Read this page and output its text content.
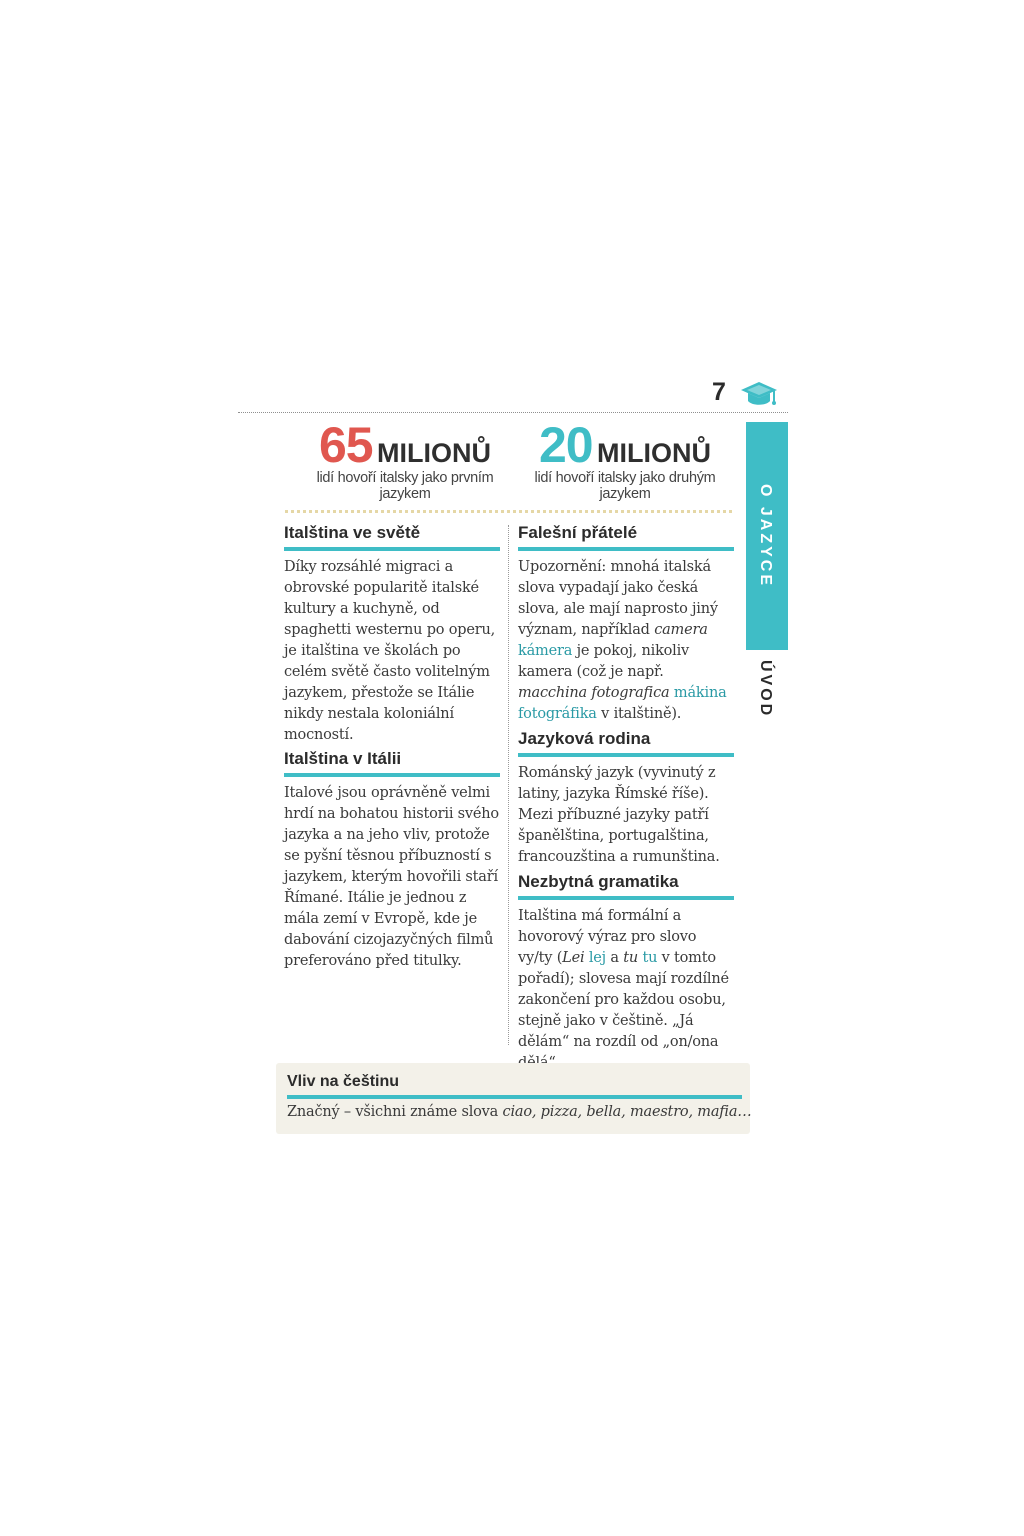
7
65 MILIONŮ
lidí hovoří italsky jako prvním jazykem
20 MILIONŮ
lidí hovoří italsky jako druhým jazykem
Italština ve světě

Díky rozsáhlé migraci a obrovské popularitě italské kultury a kuchyně, od spaghetti westernu po operu, je italština ve školách po celém světě často volitelným jazykem, přestože se Itálie nikdy nestala koloniální mocností.

Italština v Itálii

Italové jsou oprávněně velmi hrdí na bohatou historii svého jazyka a na jeho vliv, protože se pyšní těsnou příbuzností s jazykem, kterým hovořili staří Římané. Itálie je jednou z mála zemí v Evropě, kde je dabování cizojazyčných filmů preferováno před titulky.

Falešní přátelé

Upozornění: mnohá italská slova vypadají jako česká slova, ale mají naprosto jiný význam, například camera kámera je pokoj, nikoliv kamera (což je např. macchina fotografica mákina fotográfika v italštině).

Jazyková rodina

Románský jazyk (vyvinutý z latiny, jazyka Římské říše). Mezi příbuzné jazyky patří španělština, portugalština, francouzština a rumunština.

Nezbytná gramatika

Italština má formální a hovorový výraz pro slovo vy/ty (Lei lej a tu tu v tomto pořadí); slovesa mají rozdílné zakončení pro každou osobu, stejně jako v češtině. „Já dělám“ na rozdíl od „on/ona

O JAZYCE
ÚVOD
Vliv na češtinu

Značný – všichni známe slova ciao, pizza, bella, maestro, mafia…
